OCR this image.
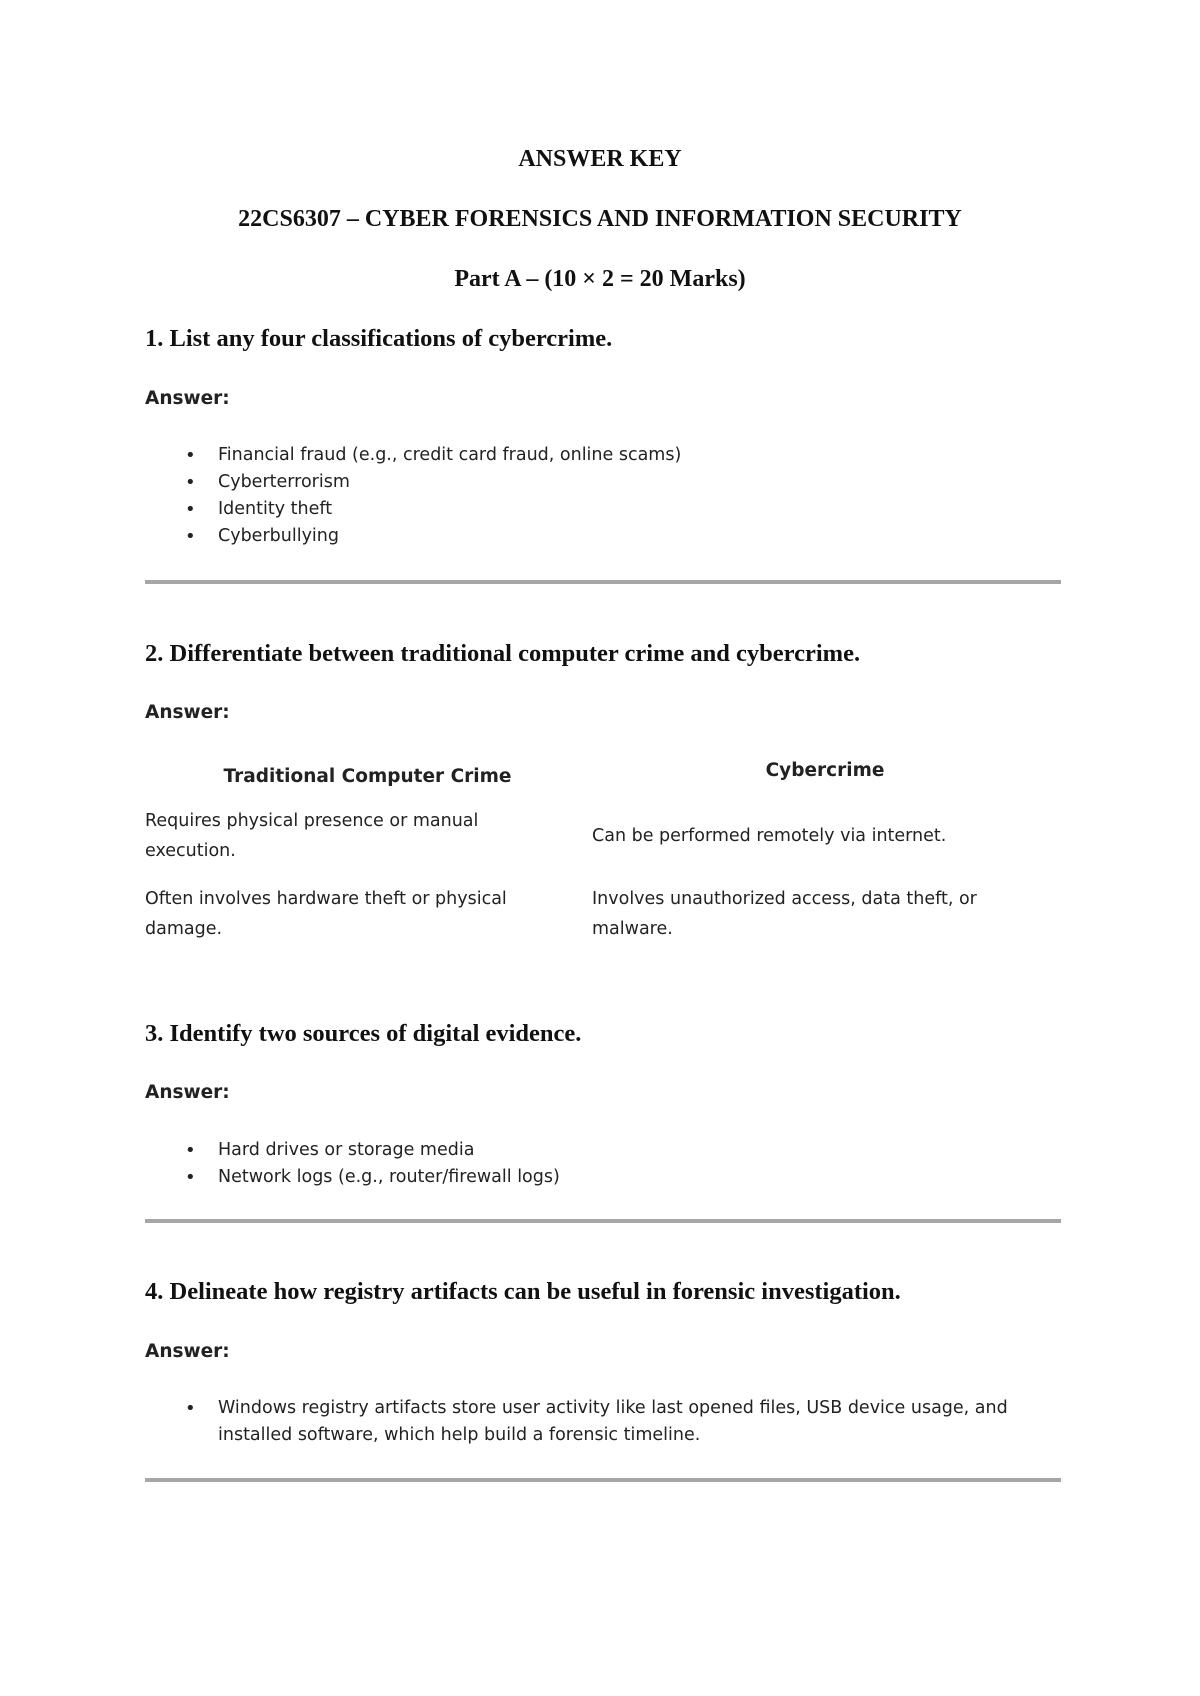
ANSWER KEY
22CS6307 – CYBER FORENSICS AND INFORMATION SECURITY
Part A – (10 × 2 = 20 Marks)
1. List any four classifications of cybercrime.
Answer:
• Financial fraud (e.g., credit card fraud, online scams)
• Cyberterrorism
• Identity theft
• Cyberbullying
2. Differentiate between traditional computer crime and cybercrime.
Answer:
Traditional Computer Crime	Cybercrime
Requires physical presence or manual execution.
Can be performed remotely via internet.
Often involves hardware theft or physical damage.
Involves unauthorized access, data theft, or malware.
3. Identify two sources of digital evidence.
Answer:
• Hard drives or storage media
• Network logs (e.g., router/firewall logs)
4. Delineate how registry artifacts can be useful in forensic investigation.
Answer:
• Windows registry artifacts store user activity like last opened files, USB device usage, and installed software, which help build a forensic timeline.
